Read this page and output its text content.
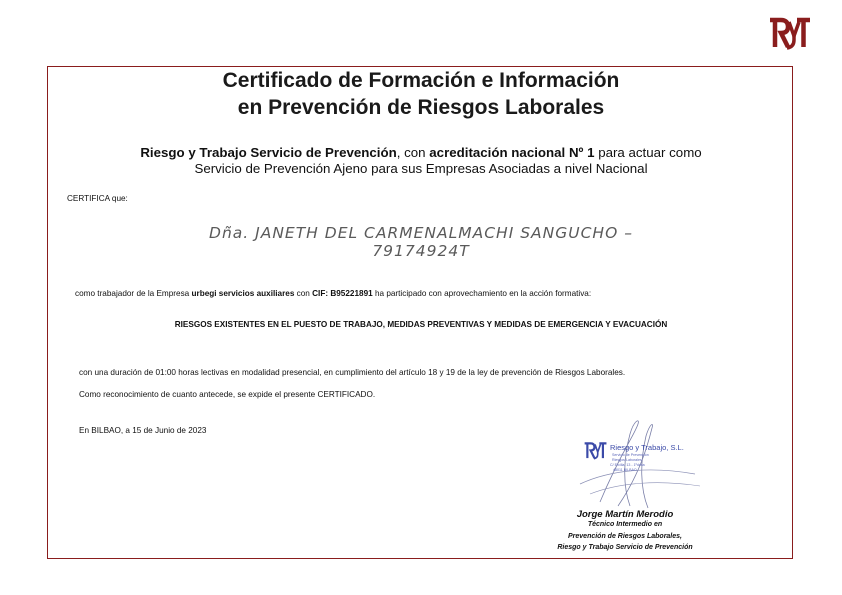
Certificado de Formación e Información
en Prevención de Riesgos Laborales
Riesgo y Trabajo Servicio de Prevención, con acreditación nacional Nº 1 para actuar como
Servicio de Prevención Ajeno para sus Empresas Asociadas a nivel Nacional
CERTIFICA que:
Dña. JANETH DEL CARMENALMACHI SANGUCHO –
79174924T
como trabajador de la Empresa urbegi servicios auxiliares con CIF: B95221891 ha participado con aprovechamiento en la acción formativa:
RIESGOS EXISTENTES EN EL PUESTO DE TRABAJO, MEDIDAS PREVENTIVAS Y MEDIDAS DE EMERGENCIA Y EVACUACIÓN
con una duración de 01:00 horas lectivas en modalidad presencial, en cumplimiento del artículo 18 y 19 de la ley de prevención de Riesgos Laborales.
Como reconocimiento de cuanto antecede, se expide el presente CERTIFICADO.
En BILBAO, a 15 de Junio de 2023
Riesgo y Trabajo, S.L.
Servicio de Prevención
Riesgos Laborales
C/ Ercilla, 13 - 1ºdcha
48011 BILBAO
Jorge Martín Merodio
Técnico Intermedio en
Prevención de Riesgos Laborales,
Riesgo y Trabajo Servicio de Prevención
